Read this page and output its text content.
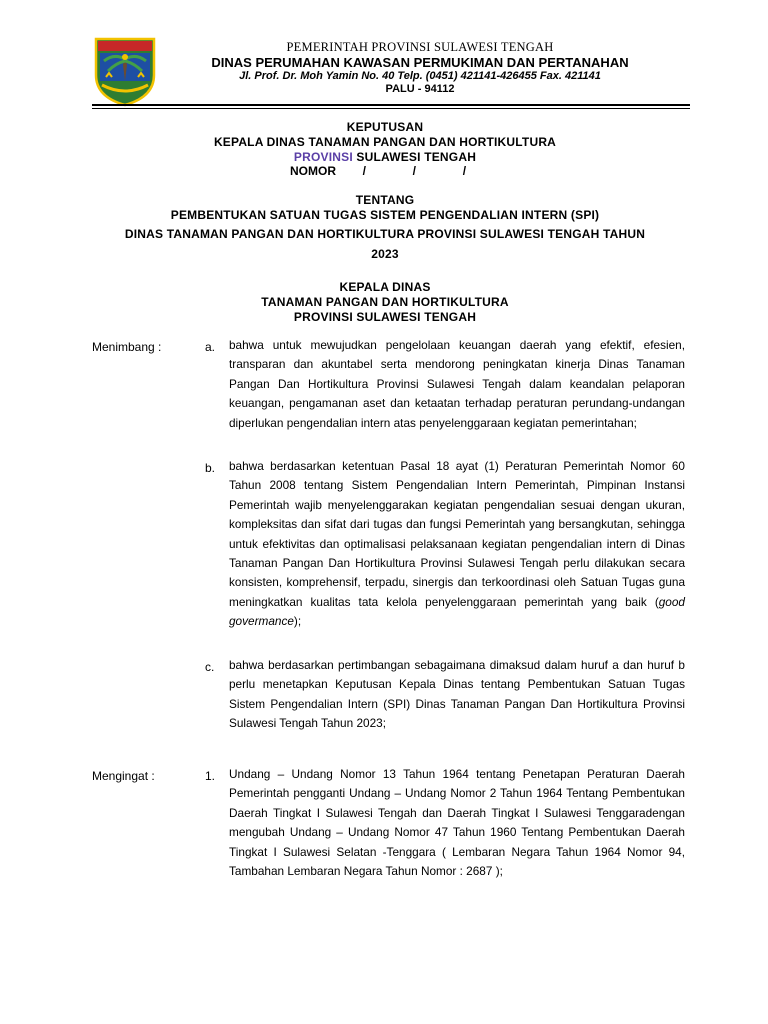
PEMERINTAH PROVINSI SULAWESI TENGAH
DINAS PERUMAHAN KAWASAN PERMUKIMAN DAN PERTANAHAN
Jl. Prof. Dr. Moh Yamin No. 40 Telp. (0451) 421141-426455 Fax. 421141
PALU - 94112
KEPUTUSAN
KEPALA DINAS TANAMAN PANGAN DAN HORTIKULTURA
PROVINSI SULAWESI TENGAH
NOMOR        /              /              /
TENTANG
PEMBENTUKAN SATUAN TUGAS SISTEM PENGENDALIAN INTERN (SPI)
DINAS TANAMAN PANGAN DAN HORTIKULTURA PROVINSI SULAWESI TENGAH TAHUN
2023
KEPALA DINAS
TANAMAN PANGAN DAN HORTIKULTURA
PROVINSI SULAWESI TENGAH
Menimbang :	a. bahwa untuk mewujudkan pengelolaan keuangan daerah yang efektif, efesien, transparan dan akuntabel serta mendorong peningkatan kinerja Dinas Tanaman Pangan Dan Hortikultura Provinsi Sulawesi Tengah dalam keandalan pelaporan keuangan, pengamanan aset dan ketaatan terhadap peraturan perundang-undangan diperlukan pengendalian intern atas penyelenggaraan kegiatan pemerintahan;
b. bahwa berdasarkan ketentuan Pasal 18 ayat (1) Peraturan Pemerintah Nomor 60 Tahun 2008 tentang Sistem Pengendalian Intern Pemerintah, Pimpinan Instansi Pemerintah wajib menyelenggarakan kegiatan pengendalian sesuai dengan ukuran, kompleksitas dan sifat dari tugas dan fungsi Pemerintah yang bersangkutan, sehingga untuk efektivitas dan optimalisasi pelaksanaan kegiatan pengendalian intern di Dinas Tanaman Pangan Dan Hortikultura Provinsi Sulawesi Tengah perlu dilakukan secara konsisten, komprehensif, terpadu, sinergis dan terkoordinasi oleh Satuan Tugas guna meningkatkan kualitas tata kelola penyelenggaraan pemerintah yang baik (good govermance);
c. bahwa berdasarkan pertimbangan sebagaimana dimaksud dalam huruf a dan huruf b perlu menetapkan Keputusan Kepala Dinas tentang Pembentukan Satuan Tugas Sistem Pengendalian Intern (SPI) Dinas Tanaman Pangan Dan Hortikultura Provinsi Sulawesi Tengah Tahun 2023;
Mengingat :	1. Undang – Undang Nomor 13 Tahun 1964 tentang Penetapan Peraturan Daerah Pemerintah pengganti Undang – Undang Nomor 2 Tahun 1964 Tentang Pembentukan Daerah Tingkat I Sulawesi Tengah dan Daerah Tingkat I Sulawesi Tenggaradengan mengubah Undang – Undang Nomor 47 Tahun 1960 Tentang Pembentukan Daerah Tingkat I Sulawesi Selatan -Tenggara ( Lembaran Negara Tahun 1964 Nomor 94, Tambahan Lembaran Negara Tahun Nomor : 2687 );
